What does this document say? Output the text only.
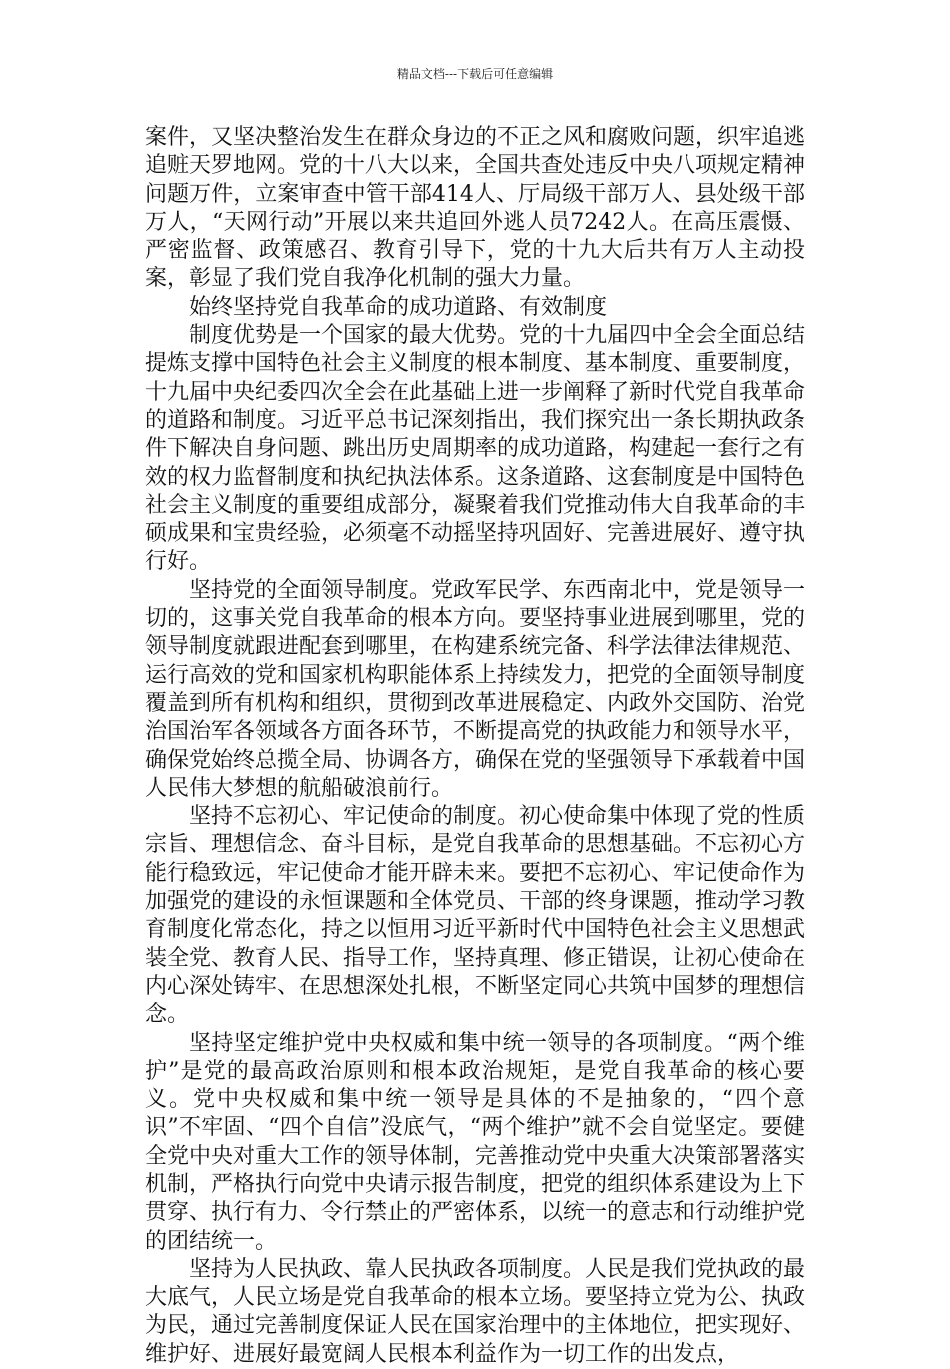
精品文档---下载后可任意编辑

案件，又坚决整治发生在群众身边的不正之风和腐败问题，织牢追逃追赃天罗地网。党的十八大以来，全国共查处违反中央八项规定精神问题万件，立案审查中管干部414人、厅局级干部万人、县处级干部万人，“天网行动”开展以来共追回外逃人员7242人。在高压震慑、严密监督、政策感召、教育引导下，党的十九大后共有万人主动投案，彰显了我们党自我净化机制的强大力量。

始终坚持党自我革命的成功道路、有效制度

制度优势是一个国家的最大优势。党的十九届四中全会全面总结提炼支撑中国特色社会主义制度的根本制度、基本制度、重要制度，十九届中央纪委四次全会在此基础上进一步阐释了新时代党自我革命的道路和制度。习近平总书记深刻指出，我们探究出一条长期执政条件下解决自身问题、跳出历史周期率的成功道路，构建起一套行之有效的权力监督制度和执纪执法体系。这条道路、这套制度是中国特色社会主义制度的重要组成部分，凝聚着我们党推动伟大自我革命的丰硕成果和宝贵经验，必须毫不动摇坚持巩固好、完善进展好、遵守执行好。

坚持党的全面领导制度。党政军民学、东西南北中，党是领导一切的，这事关党自我革命的根本方向。要坚持事业进展到哪里，党的领导制度就跟进配套到哪里，在构建系统完备、科学法律法律规范、运行高效的党和国家机构职能体系上持续发力，把党的全面领导制度覆盖到所有机构和组织，贯彻到改革进展稳定、内政外交国防、治党治国治军各领域各方面各环节，不断提高党的执政能力和领导水平，确保党始终总揽全局、协调各方，确保在党的坚强领导下承载着中国人民伟大梦想的航船破浪前行。

坚持不忘初心、牢记使命的制度。初心使命集中体现了党的性质宗旨、理想信念、奋斗目标，是党自我革命的思想基础。不忘初心方能行稳致远，牢记使命才能开辟未来。要把不忘初心、牢记使命作为加强党的建设的永恒课题和全体党员、干部的终身课题，推动学习教育制度化常态化，持之以恒用习近平新时代中国特色社会主义思想武装全党、教育人民、指导工作，坚持真理、修正错误，让初心使命在内心深处铸牢、在思想深处扎根，不断坚定同心共筑中国梦的理想信念。

坚持坚定维护党中央权威和集中统一领导的各项制度。“两个维护”是党的最高政治原则和根本政治规矩，是党自我革命的核心要义。党中央权威和集中统一领导是具体的不是抽象的，“四个意识”不牢固、“四个自信”没底气，“两个维护”就不会自觉坚定。要健全党中央对重大工作的领导体制，完善推动党中央重大决策部署落实机制，严格执行向党中央请示报告制度，把党的组织体系建设为上下贯穿、执行有力、令行禁止的严密体系，以统一的意志和行动维护党的团结统一。

坚持为人民执政、靠人民执政各项制度。人民是我们党执政的最大底气，人民立场是党自我革命的根本立场。要坚持立党为公、执政为民，通过完善制度保证人民在国家治理中的主体地位，把实现好、维护好、进展好最宽阔人民根本利益作为一切工作的出发点，
